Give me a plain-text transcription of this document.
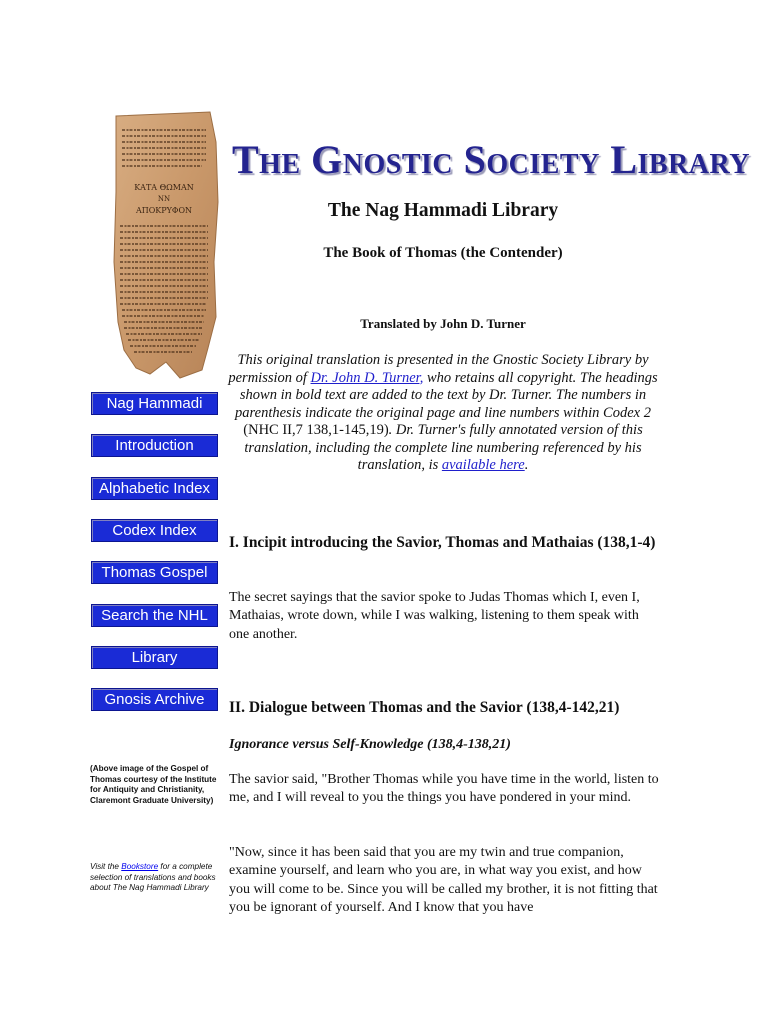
ΚΑΤΑ ΘΩΜΑΝ
ΝΝ
ΑΠΟΚΡΥΦΟΝ
The Gnostic Society Library
The Nag Hammadi Library
The Book of Thomas (the Contender)
Translated by John D. Turner
This original translation is presented in the Gnostic Society Library by permission of Dr. John D. Turner, who retains all copyright. The headings shown in bold text are added to the text by Dr. Turner. The numbers in parenthesis indicate the original page and line numbers within Codex 2 (NHC II,7 138,1-145,19). Dr. Turner's fully annotated version of this translation, including the complete line numbering referenced by his translation, is available here.
Nag Hammadi
Introduction
Alphabetic Index
Codex Index
Thomas Gospel
Search the NHL
Library
Gnosis Archive
(Above image of the Gospel of Thomas courtesy of the Institute for Antiquity and Christianity, Claremont Graduate University)
Visit the Bookstore for a complete selection of translations and books about The Nag Hammadi Library
I. Incipit introducing the Savior, Thomas and Mathaias (138,1-4)
The secret sayings that the savior spoke to Judas Thomas which I, even I, Mathaias, wrote down, while I was walking, listening to them speak with one another.
II. Dialogue between Thomas and the Savior (138,4-142,21)
Ignorance versus Self-Knowledge (138,4-138,21)
The savior said, "Brother Thomas while you have time in the world, listen to me, and I will reveal to you the things you have pondered in your mind.
"Now, since it has been said that you are my twin and true companion, examine yourself, and learn who you are, in what way you exist, and how you will come to be. Since you will be called my brother, it is not fitting that you be ignorant of yourself. And I know that you have
